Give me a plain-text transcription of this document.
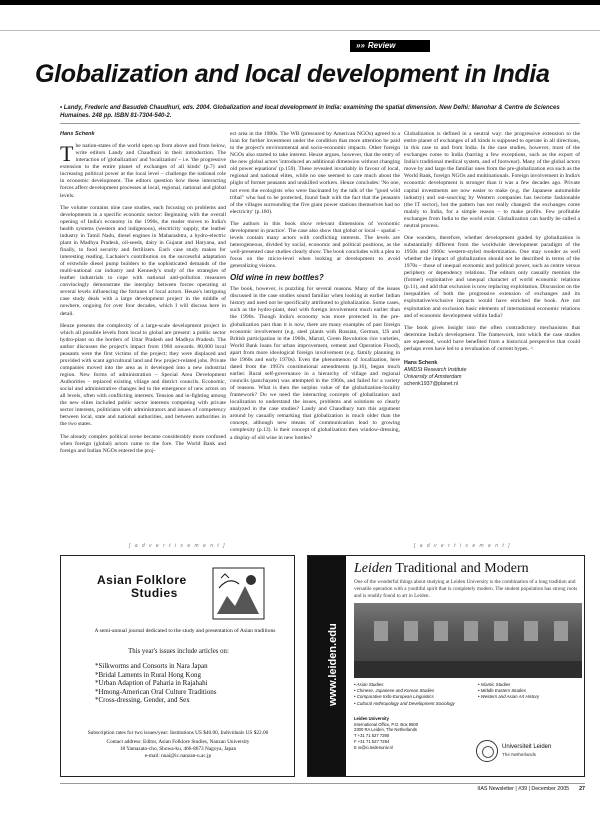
»» Review
Globalization and local development in India
• Landy, Frederic and Basudeb Chaudhuri, eds. 2004. Globalization and local development in India: examining the spatial dimension. New Delhi: Manohar & Centre de Sciences Humaines. 248 pp. ISBN 81-7304-540-2.

Hans Schenk

The nation-states of the world open up from above and from below, write editors Landy and Chaudhuri in their introduction. The interaction of 'globalization' and 'localization' – i.e. 'the progressive extension to the entire planet of exchanges of all kinds' (p.7) and increasing political power at the local level – challenge the national role in economic development. The editors question how these interacting forces affect development processes at local, regional, national and global levels.

The volume contains nine case studies, each focusing on problems and developments in a specific economic sector: Beginning with the overall opening of India's economy in the 1990s, the reader moves to India's health systems (western and indigenous), electricity supply, the leather industry in Tamil Nadu, diesel engines in Maharashtra, a hydro-electric plant in Madhya Pradesh, oil-seeds, dairy in Gujarat and Haryana, and finally, to food security and fertilizers. Each case study makes for interesting reading. Lachaier's contribution on the successful adaptation of erstwhile diesel pump builders to the sophisticated demands of the multi-national car industry and Kennedy's study of the strategies of leather industrials to cope with national anti-pollution measures convincingly demonstrate the interplay between forces operating at several levels influencing the fortunes of local actors. Heuze's intriguing case study deals with a large development project in the middle of nowhere, ongoing for over four decades, which I will discuss here in detail.

Heuze presents the complexity of a large-scale development project in which all possible levels from local to global are present: a public sector hydro-plant on the borders of Uttar Pradesh and Madhya Pradesh. The author discusses the project's impact from 1960 onwards. 80,000 local peasants were the first victims of the project; they were displaced and provided with scant agricultural land and few project-related jobs. Private companies moved into the area as it developed into a new industrial region. New forms of administration – Special Area Development Authorities – replaced existing village and district councils. Economic, social and administrative changes led to the emergence of new actors on all levels, often with conflicting interests. Tension and in-fighting among the new elites included public sector interests competing with private sector interests, politicians with administrators and issues of competency between local, state and national authorities, and between authorities in the two states.

The already complex political scene became considerably more confused when foreign (global) actors came to the fore. The World Bank and foreign and Indian NGOs entered the proj-

ect area in the 1980s. The WB (pressured by American NGOs) agreed to a loan for further investment under the condition that more attention be paid to the project's environmental and socio-economic impacts. Other foreign NGOs also started to take interest. Heuze argues, however, that the entry of the new global actors 'introduced an additional dimension without changing old power equations' (p.159). These revealed invariably in favour of local, regional and national elites, while no one seemed to care much about the plight of former peasants and unskilled workers. Heuze concludes: 'No one, not even the ecologists who were fascinated by the talk of the "good wild tribal" who had to be protected, found fault with the fact that the peasants of the villages surrounding the five giant power stations themselves had no electricity' (p.160).

The authors in this book show relevant dimensions of 'economic development in practice'. The case also show that global or local – spatial – levels contain many actors with conflicting interests. The levels are heterogeneous, divided by social, economic and political positions, as the well-presented case studies clearly show. The book concludes with a plea to focus on the micro-level when looking at development to avoid generalizing visions.

Old wine in new bottles?

The book, however, is puzzling for several reasons. Many of the issues discussed in the case studies sound familiar when looking at earlier Indian history and need not be specifically attributed to globalization. Some cases, such as the hydro-plant, deal with foreign involvement much earlier than the 1990s. Though India's economy was more protected in the pre-globalization past than it is now, there are many examples of past foreign economic involvement (e.g. steel plants with Russian, German, US and British participation in the 1960s, Maruti, Green Revolution rice varieties, World Bank loans for urban improvement, cement and Operation Flood), apart from more ideological foreign involvement (e.g. family planning in the 1960s and early 1970s). Even the phenomenon of localization, here dated from the 1993's constitutional amendments (p.16), began much earlier. Rural self-governance in a hierarchy of village and regional councils (panchayats) was attempted in the 1960s, and failed for a variety of reasons. What is then the surplus value of the globalization-locality framework? Do we need the interacting concepts of globalization and localization to understand the issues, problems and solutions so clearly analyzed in the case studies? Landy and Chaudhury turn this argument around by casually remarking that globalization is much older than the concept, although new means of communication lead to growing complexity (p.13). Is their concept of globalization then window-dressing, a display of old wine in new bottles?

Globalization is defined in a neutral way: the progressive extension to the entire planet of exchanges of all kinds is supposed to operate in all directions, in this case to and from India. In the case studies, however, most of the exchanges come to India (barring a few exceptions, such as the export of India's traditional medical system, and of footwear). Many of the global actors move by and large the familiar ones from the pre-globalization era such as the World Bank, foreign NGOs and multinationals. Foreign involvement in India's economic development is stronger than it was a few decades ago. Private capital investments are now easier to make (e.g. the Japanese automobile industry) and out-sourcing by Western companies has become fashionable (the IT sector), but the pattern has not really changed: the exchanges come mainly to India, for a simple reason – to make profits. Few profitable exchanges from India to the world exist. Globalization can hardly be called a neutral process.

One wonders, therefore, whether development guided by globalization is substantially different from the worldwide development paradigm of the 1950s and 1960s: western-styled modernization. One may wonder as well whether the impact of globalization should not be described in terms of the 1970s – those of unequal economic and political power, such as centre versus periphery or dependency relations. The editors only casually mention the (former) exploitative and unequal character of world economic relations (p.11), and add that exclusion is now replacing exploitation. Discussion on the inequalities of both the progressive extension of exchanges and its exploitative/exclusive impacts would have enriched the book. Are not exploitation and exclusion basic elements of international economic relations and of economic development within India?

The book gives insight into the often contradictory mechanisms that determine India's development. The framework, into which the case studies are squeezed, would have benefited from a historical perspective that could perhaps even have led to a revaluation of current hypes. <

Hans Schenk
AMIDSt Research Institute
University of Amsterdam
schenk1937@planet.nl
[ a d v e r t i s e m e n t ]	[ a d v e r t i s e m e n t ]
Asian Folklore
Studies
A semi-annual journal dedicated to the study and presentation of Asian traditions
This year's issues include articles on:
*Silkworms and Consorts in Nara Japan
*Bridal Laments in Rural Hong Kong
*Urban Adaption of Paharia in Rajahahi
*Hmong-American Oral Culture Traditions
*Cross-dressing, Gender, and Sex
Subscription rates for two issues/year: Institutions US $40.00, Individuals US $22.00
Contact address: Editor, Asian Folklore Studies, Nanzan University
18 Yamazato-cho, Showa-ku, 466-8673 Nagoya, Japan
e-mail: nuai@ic.nanzan-u.ac.jp
www.leiden.edu
Leiden Traditional and Modern
One of the wonderful things about studying at Leiden University is the combination of a long tradition and versatile operation with a youthful spirit that is completely modern. The student population has strong roots and is readily found to art in Leiden.
• Asian Studies
• Chinese, Japanese and Korean Studies
• Comparative Indo-European Linguistics
• Cultural Anthropology and Development Sociology
• Islamic Studies
• Middle Eastern Studies
• Western and Asian Art History
Leiden University
International Office, P.O. Box 9500
2300 RA Leiden, The Netherlands
T +31 71 527 7290
F +31 71 527 7294
E io@io.leidenuniv.nl	Universiteit Leiden
The Netherlands
IIAS Newsletter | #39 | December 2005 27
